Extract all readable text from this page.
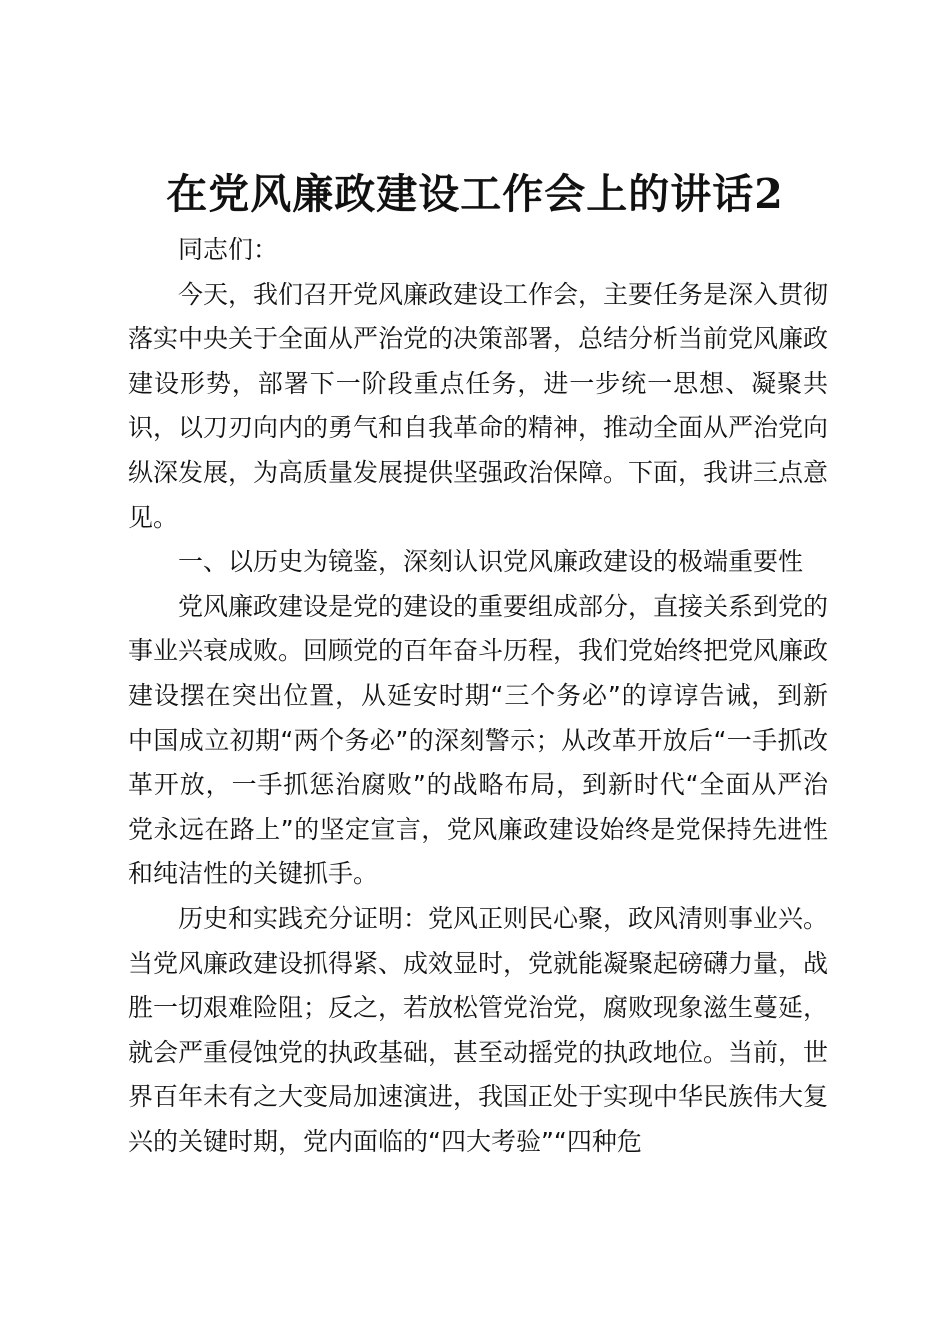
在党风廉政建设工作会上的讲话2

同志们：

今天，我们召开党风廉政建设工作会，主要任务是深入贯彻落实中央关于全面从严治党的决策部署，总结分析当前党风廉政建设形势，部署下一阶段重点任务，进一步统一思想、凝聚共识，以刀刃向内的勇气和自我革命的精神，推动全面从严治党向纵深发展，为高质量发展提供坚强政治保障。下面，我讲三点意见。

一、以历史为镜鉴，深刻认识党风廉政建设的极端重要性

党风廉政建设是党的建设的重要组成部分，直接关系到党的事业兴衰成败。回顾党的百年奋斗历程，我们党始终把党风廉政建设摆在突出位置，从延安时期“三个务必”的谆谆告诫，到新中国成立初期“两个务必”的深刻警示；从改革开放后“一手抓改革开放，一手抓惩治腐败”的战略布局，到新时代“全面从严治党永远在路上”的坚定宣言，党风廉政建设始终是党保持先进性和纯洁性的关键抓手。

历史和实践充分证明：党风正则民心聚，政风清则事业兴。当党风廉政建设抓得紧、成效显时，党就能凝聚起磅礴力量，战胜一切艰难险阻；反之，若放松管党治党，腐败现象滋生蔓延，就会严重侵蚀党的执政基础，甚至动摇党的执政地位。当前，世界百年未有之大变局加速演进，我国正处于实现中华民族伟大复兴的关键时期，党内面临的“四大考验”“四种危
